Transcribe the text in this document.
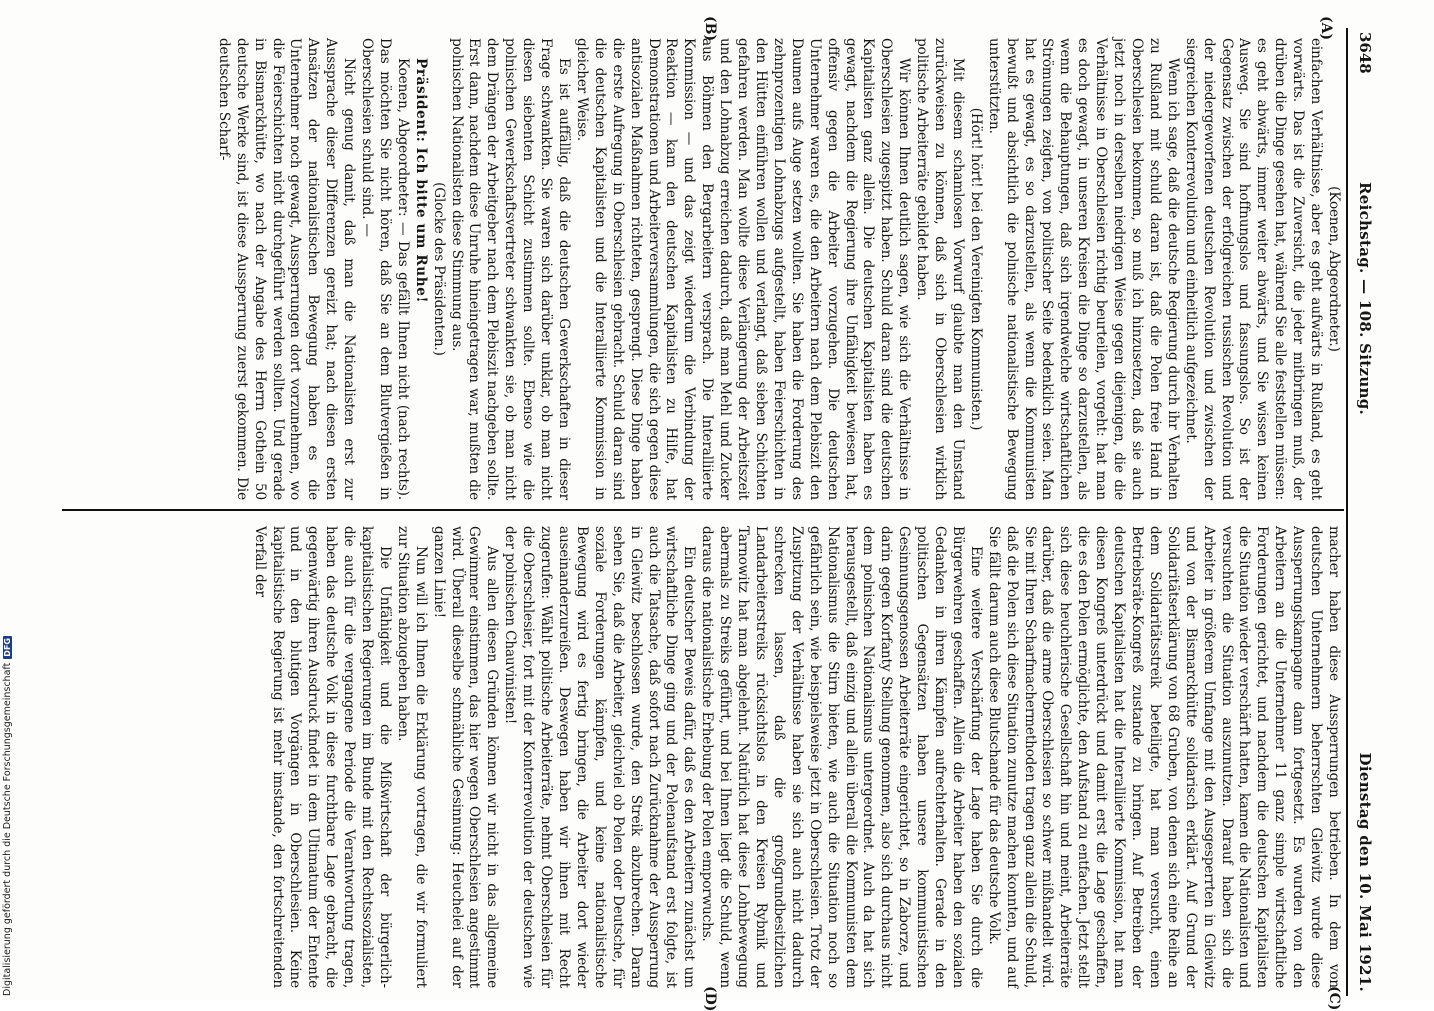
3648
Reichstag. — 108. Sitzung.
Dienstag den 10. Mai 1921.
(A)
(B)
(C)
(D)

(Koenen, Abgeordneter.)

einfachen Verhältnisse, aber es geht aufwärts in Rußland, es geht vorwärts. Das ist die Zuversicht, die jeder mitbringen muß, der drüben die Dinge gesehen hat, während Sie alle feststellen müssen: es geht abwärts, immer weiter abwärts, und Sie wissen keinen Ausweg. Sie sind hoffnungslos und fassungslos. So ist der Gegensatz zwischen der erfolgreichen russischen Revolution und der niedergeworfenen deutschen Revolution und zwischen der siegreichen Konterrevolution und einheitlich aufgezeichnet.

Wenn ich sage, daß die deutsche Regierung durch ihr Verhalten zu Rußland mit schuld daran ist, daß die Polen freie Hand in Oberschlesien bekommen, so muß ich hinzusetzen, daß sie auch jetzt noch in derselben niedrigen Weise gegen diejenigen, die die Verhältnisse in Oberschlesien richtig beurteilen, vorgeht: hat man es doch gewagt, in unseren Kreisen die Dinge so darzustellen, als wenn die Behauptungen, daß sich irgendwelche wirtschaftlichen Strömungen zeigten, von politischer Seite bedenklich seien. Man hat es gewagt, es so darzustellen, als wenn die Kommunisten bewußt und absichtlich die polnische nationalistische Bewegung unterstützten.

(Hört! hört! bei den Vereinigten Kommunisten.)

Mit diesem schamlosen Vorwurf glaubte man den Umstand zurückweisen zu können, daß sich in Oberschlesien wirklich politische Arbeiterräte gebildet haben.

Wir können Ihnen deutlich sagen, wie sich die Verhältnisse in Oberschlesien zugespitzt haben. Schuld daran sind die deutschen Kapitalisten ganz allein. Die deutschen Kapitalisten haben es gewagt, nachdem die Regierung ihre Unfähigkeit bewiesen hat, offensiv gegen die Arbeiter vorzugehen. Die deutschen Unternehmer waren es, die den Arbeitern nach dem Plebiszit den Daumen aufs Auge setzen wollten. Sie haben die Forderung des zehnprozentigen Lohnabzugs aufgestellt, haben Feierschichten in den Hütten einführen wollen und verlangt, daß sieben Schichten gefahren werden. Man wollte diese Verlängerung der Arbeitszeit und den Lohnabzug erreichen dadurch, daß man Mehl und Zucker aus Böhmen den Bergarbeitern versprach. Die Interalliierte Kommission — und das zeigt wiederum die Verbindung der Reaktion — kam den deutschen Kapitalisten zu Hilfe, hat Demonstrationen und Arbeiterversammlungen, die sich gegen diese antisozialen Maßnahmen richteten, gesprengt. Diese Dinge haben die erste Aufregung in Oberschlesien gebracht. Schuld daran sind die deutschen Kapitalisten und die Interalliierte Kommission in gleicher Weise.

Es ist auffällig, daß die deutschen Gewerkschaften in dieser Frage schwankten. Sie waren sich darüber unklar, ob man nicht diesen siebenten Schicht zustimmen sollte. Ebenso wie die polnischen Gewerkschaftsvertreter schwankten sie, ob man nicht dem Drängen der Arbeitgeber nach dem Plebiszit nachgeben sollte. Erst dann, nachdem diese Unruhe hineingetragen war, mußten die polnischen Nationalisten diese Stimmung aus.

(Glocke des Präsidenten.)

Präsident: Ich bitte um Ruhe!

Koenen, Abgeordneter: — Das gefällt Ihnen nicht (nach rechts). Das möchten Sie nicht hören, daß Sie an dem Blutvergießen in Oberschlesien schuld sind. —

Nicht genug damit, daß man die Nationalisten erst zur Aussprache dieser Differenzen gereizt hat; nach diesen ersten Ansätzen der nationalistischen Bewegung haben es die Unternehmer noch gewagt, Aussperrungen dort vorzunehmen, wo die Feierschichten nicht durchgeführt werden sollten. Und gerade in Bismarckhütte, wo nach der Angabe des Herrn Gothein 50 deutsche Werke sind, ist diese Aussperrung zuerst gekommen. Die deutschen Scharf-

macher haben diese Aussperrungen betrieben. In dem von deutschen Unternehmern beherrschten Gleiwitz wurde diese Aussperrungskampagne dann fortgesetzt. Es wurden von den Arbeitern an die Unternehmer 11 ganz simple wirtschaftliche Forderungen gerichtet, und nachdem die deutschen Kapitalisten die Situation wieder verschärft hatten, kamen die Nationalisten und versuchten die Situation auszunutzen. Darauf haben sich die Arbeiter in größerem Umfange mit den Ausgesperrten in Gleiwitz und von der Bismarckhütte solidarisch erklärt. Auf Grund der Solidaritätserklärung von 68 Gruben, von denen sich eine Reihe an dem Solidaritätsstreik beteiligte, hat man versucht, einen Betriebsräte-Kongreß zustande zu bringen. Auf Betreiben der deutschen Kapitalisten hat die Interalliierte Kommission, hat man diesen Kongreß unterdrückt und damit erst die Lage geschaffen, die es den Polen ermöglichte, den Aufstand zu entfachen. Jetzt stellt sich diese heuchlerische Gesellschaft hin und meint, Arbeiterräte darüber, daß die arme Oberschlesien so schwer mißhandelt wird. Sie mit Ihren Scharfmachermethoden tragen ganz allein die Schuld, daß die Polen sich diese Situation zunutze machen konnten, und auf Sie fällt darum auch diese Blutschande für das deutsche Volk.

Eine weitere Verschärfung der Lage haben Sie durch die Bürgerwehren geschaffen. Allein die Arbeiter haben den sozialen Gedanken in ihren Kämpfen aufrechterhalten. Gerade in den politischen Gegensätzen haben unsere kommunistischen Gesinnungsgenossen Arbeiterräte eingerichtet, so in Zaborze, und darin gegen Korfanty Stellung genommen, also sich durchaus nicht dem polnischen Nationalismus untergeordnet. Auch da hat sich herausgestellt, daß einzig und allein überall die Kommunisten dem Nationalismus die Stirn bieten, wie auch die Situation noch so gefährlich sein, wie beispielsweise jetzt in Oberschlesien. Trotz der Zuspitzung der Verhältnisse haben sie sich auch nicht dadurch schrecken lassen, daß die großgrundbesitzlichen Landarbeiterstreiks rücksichtslos in den Kreisen Rybnik und Tarnowitz hat man abgelehnt. Natürlich hat diese Lohnbewegung abermals zu Streiks geführt, und bei Ihnen liegt die Schuld, wenn daraus die nationalistische Erhebung der Polen emporwuchs.

Ein deutscher Beweis dafür, daß es den Arbeitern zunächst um wirtschaftliche Dinge ging und der Polenaufstand erst folgte, ist auch die Tatsache, daß sofort nach Zurücknahme der Aussperrung in Gleiwitz beschlossen wurde, den Streik abzubrechen. Daran sehen Sie, daß die Arbeiter, gleichviel ob Polen oder Deutsche, für soziale Forderungen kämpfen, und keine nationalistische Bewegung wird es fertig bringen, die Arbeiter dort wieder auseinanderzureißen. Deswegen haben wir ihnen mit Recht zugerufen: Wählt politische Arbeiterräte, nehmt Oberschlesien für die Oberschlesier, fort mit der Konterrevolution der deutschen wie der polnischen Chauvinisten!

Aus allen diesen Gründen können wir nicht in das allgemeine Gewimmer einstimmen, das hier wegen Oberschlesien angestimmt wird. Überall dieselbe schmähliche Gesinnung: Heuchelei auf der ganzen Linie!

Nun will ich Ihnen die Erklärung vortragen, die wir formuliert zur Situation abzugeben haben.

Die Unfähigkeit und die Mißwirtschaft der bürgerlich-kapitalistischen Regierungen im Bunde mit den Rechtssozialisten, die auch für die vergangene Periode die Verantwortung tragen, haben das deutsche Volk in diese furchtbare Lage gebracht, die gegenwärtig ihren Ausdruck findet in dem Ultimatum der Entente und in den blutigen Vorgängen in Oberschlesien. Keine kapitalistische Regierung ist mehr imstande, den fortschreitenden Verfall der

Digitalisierung gefördert durch die Deutsche ForschungsgemeinschaftDFG
